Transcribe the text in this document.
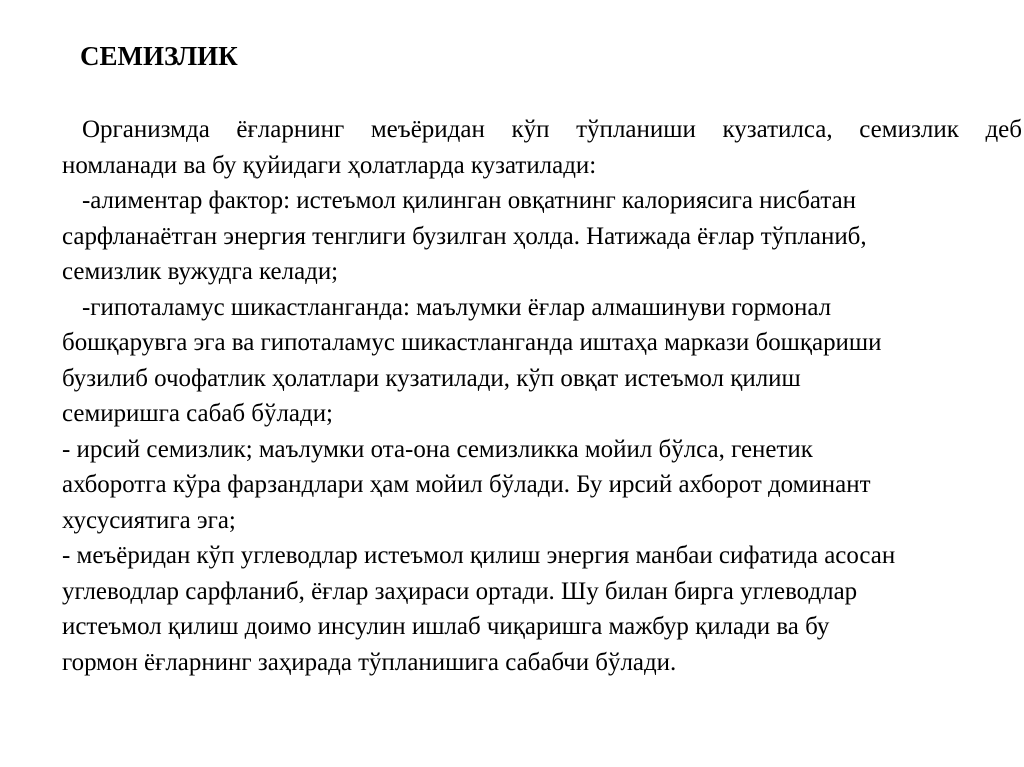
СЕМИЗЛИК
Организмда ёғларнинг меъёридан кўп тўпланиши кузатилса, семизлик деб
номланади ва бу қуйидаги ҳолатларда кузатилади:
-алиментар фактор: истеъмол қилинган овқатнинг калориясига нисбатан
сарфланаётган энергия тенглиги бузилган ҳолда. Натижада ёғлар тўпланиб,
семизлик вужудга келади;
-гипоталамус шикастланганда: маълумки ёғлар алмашинуви гормонал
бошқарувга эга ва гипоталамус шикастланганда иштаҳа маркази бошқариши
бузилиб очофатлик ҳолатлари кузатилади, кўп овқат истеъмол қилиш
семиришга сабаб бўлади;
- ирсий семизлик; маълумки ота-она семизликка мойил бўлса, генетик
ахборотга кўра фарзандлари ҳам мойил бўлади. Бу ирсий ахборот доминант
хусусиятига эга;
- меъёридан кўп углеводлар истеъмол қилиш энергия манбаи сифатида асосан
углеводлар сарфланиб, ёғлар заҳираси ортади. Шу билан бирга углеводлар
истеъмол қилиш доимо инсулин ишлаб чиқаришга мажбур қилади ва бу
гормон ёғларнинг заҳирада тўпланишига сабабчи бўлади.
